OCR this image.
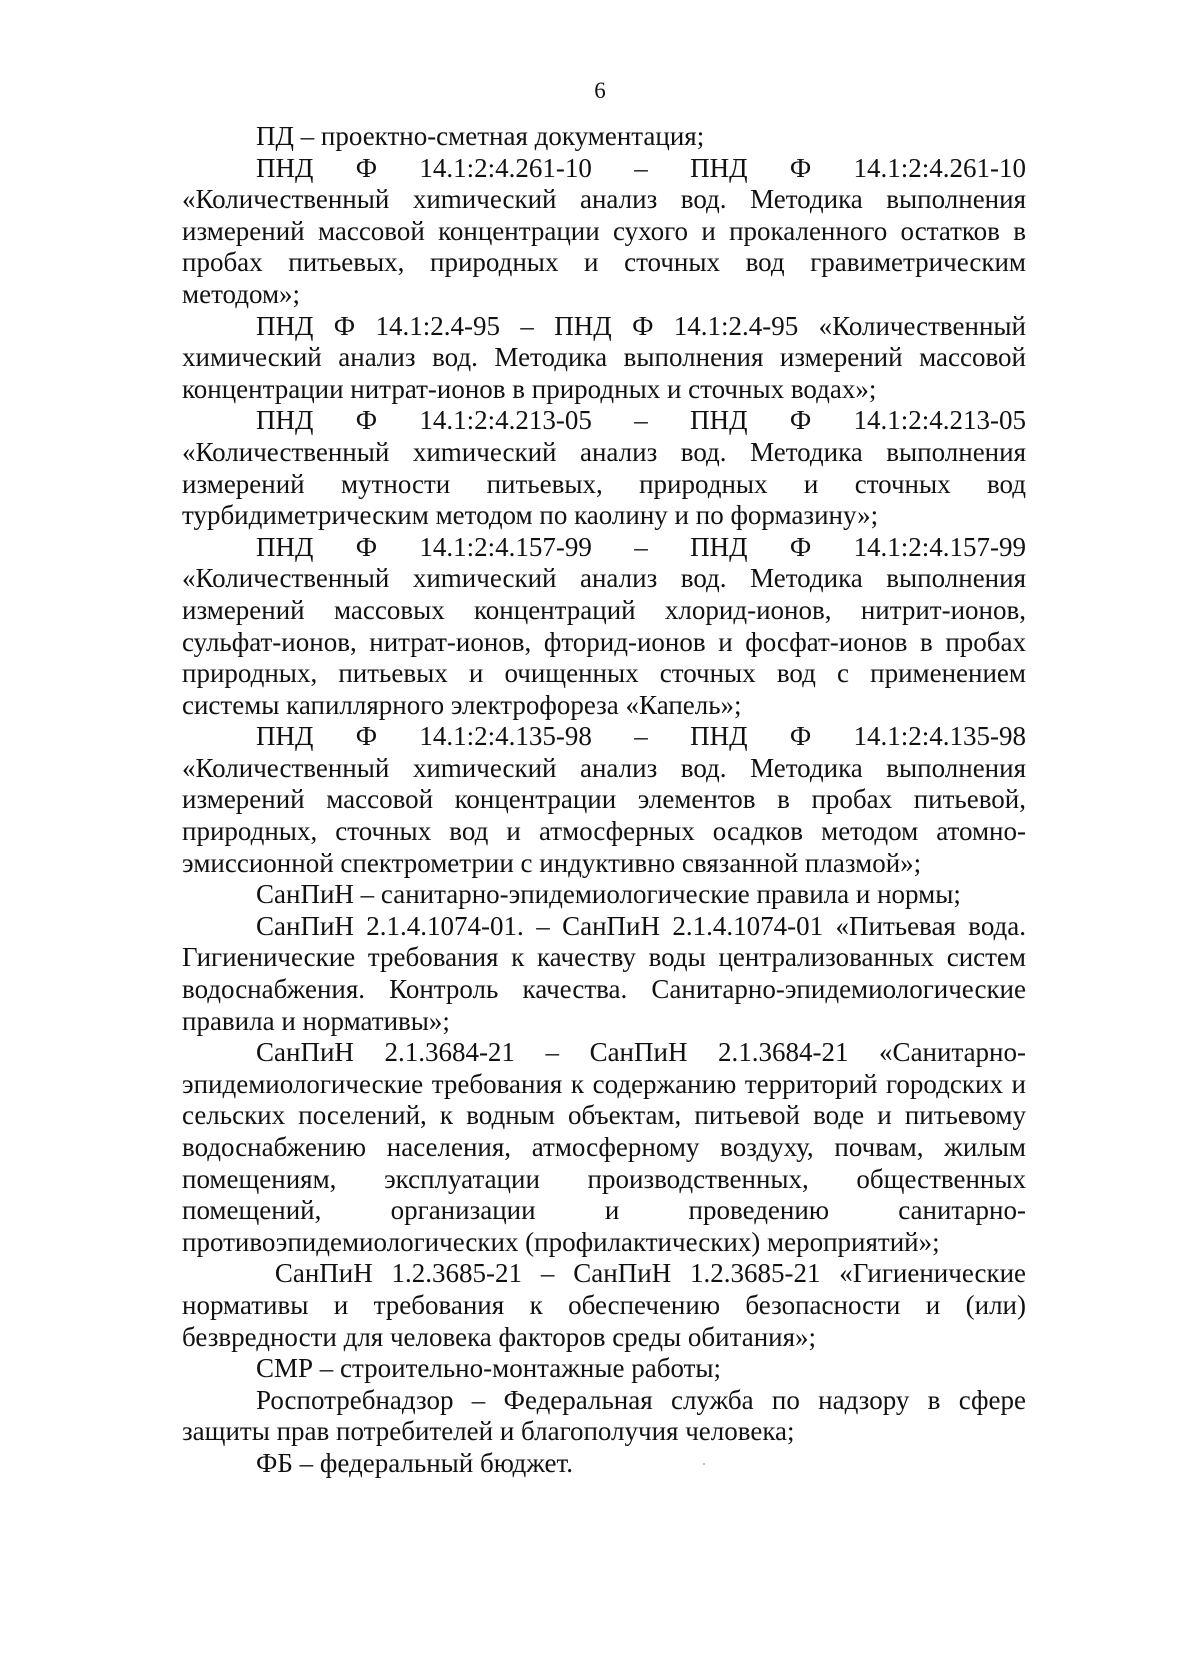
6

ПД – проектно-сметная документация;

ПНД Ф 14.1:2:4.261-10 – ПНД Ф 14.1:2:4.261-10 «Количественный хиmический анализ вод. Методика выполнения измерений массовой концентрации сухого и прокаленного остатков в пробах питьевых, природных и сточных вод гравиметрическим методом»;

ПНД Ф 14.1:2.4-95 – ПНД Ф 14.1:2.4-95 «Количественный химический анализ вод. Методика выполнения измерений массовой концентрации нитрат-ионов в природных и сточных водах»;

ПНД Ф 14.1:2:4.213-05 – ПНД Ф 14.1:2:4.213-05 «Количественный хиmический анализ вод. Методика выполнения измерений мутности питьевых, природных и сточных вод турбидиметрическим методом по каолину и по формазину»;

ПНД Ф 14.1:2:4.157-99 – ПНД Ф 14.1:2:4.157-99 «Количественный хиmический анализ вод. Методика выполнения измерений массовых концентраций хлорид-ионов, нитрит-ионов, сульфат-ионов, нитрат-ионов, фторид-ионов и фосфат-ионов в пробах природных, питьевых и очищенных сточных вод с применением системы капиллярного электрофореза «Капель»;

ПНД Ф 14.1:2:4.135-98 – ПНД Ф 14.1:2:4.135-98 «Количественный хиmический анализ вод. Методика выполнения измерений массовой концентрации элементов в пробах питьевой, природных, сточных вод и атмосферных осадков методом атомно-эмиссионной спектрометрии с индуктивно связанной плазмой»;

СанПиН – санитарно-эпидемиологические правила и нормы;

СанПиН 2.1.4.1074-01. – СанПиН 2.1.4.1074-01 «Питьевая вода. Гигиенические требования к качеству воды централизованных систем водоснабжения. Контроль качества. Санитарно-эпидемиологические правила и нормативы»;

СанПиН 2.1.3684-21 – СанПиН 2.1.3684-21 «Санитарно-эпидемиологические требования к содержанию территорий городских и сельских поселений, к водным объектам, питьевой воде и питьевому водоснабжению населения, атмосферному воздуху, почвам, жилым помещениям, эксплуатации производственных, общественных помещений, организации и проведению санитарно-противоэпидемиологических (профилактических) мероприятий»;

СанПиН 1.2.3685-21 – СанПиН 1.2.3685-21 «Гигиенические нормативы и требования к обеспечению безопасности и (или) безвредности для человека факторов среды обитания»;

СМР – строительно-монтажные работы;

Роспотребнадзор – Федеральная служба по надзору в сфере защиты прав потребителей и благополучия человека;

ФБ – федеральный бюджет.
